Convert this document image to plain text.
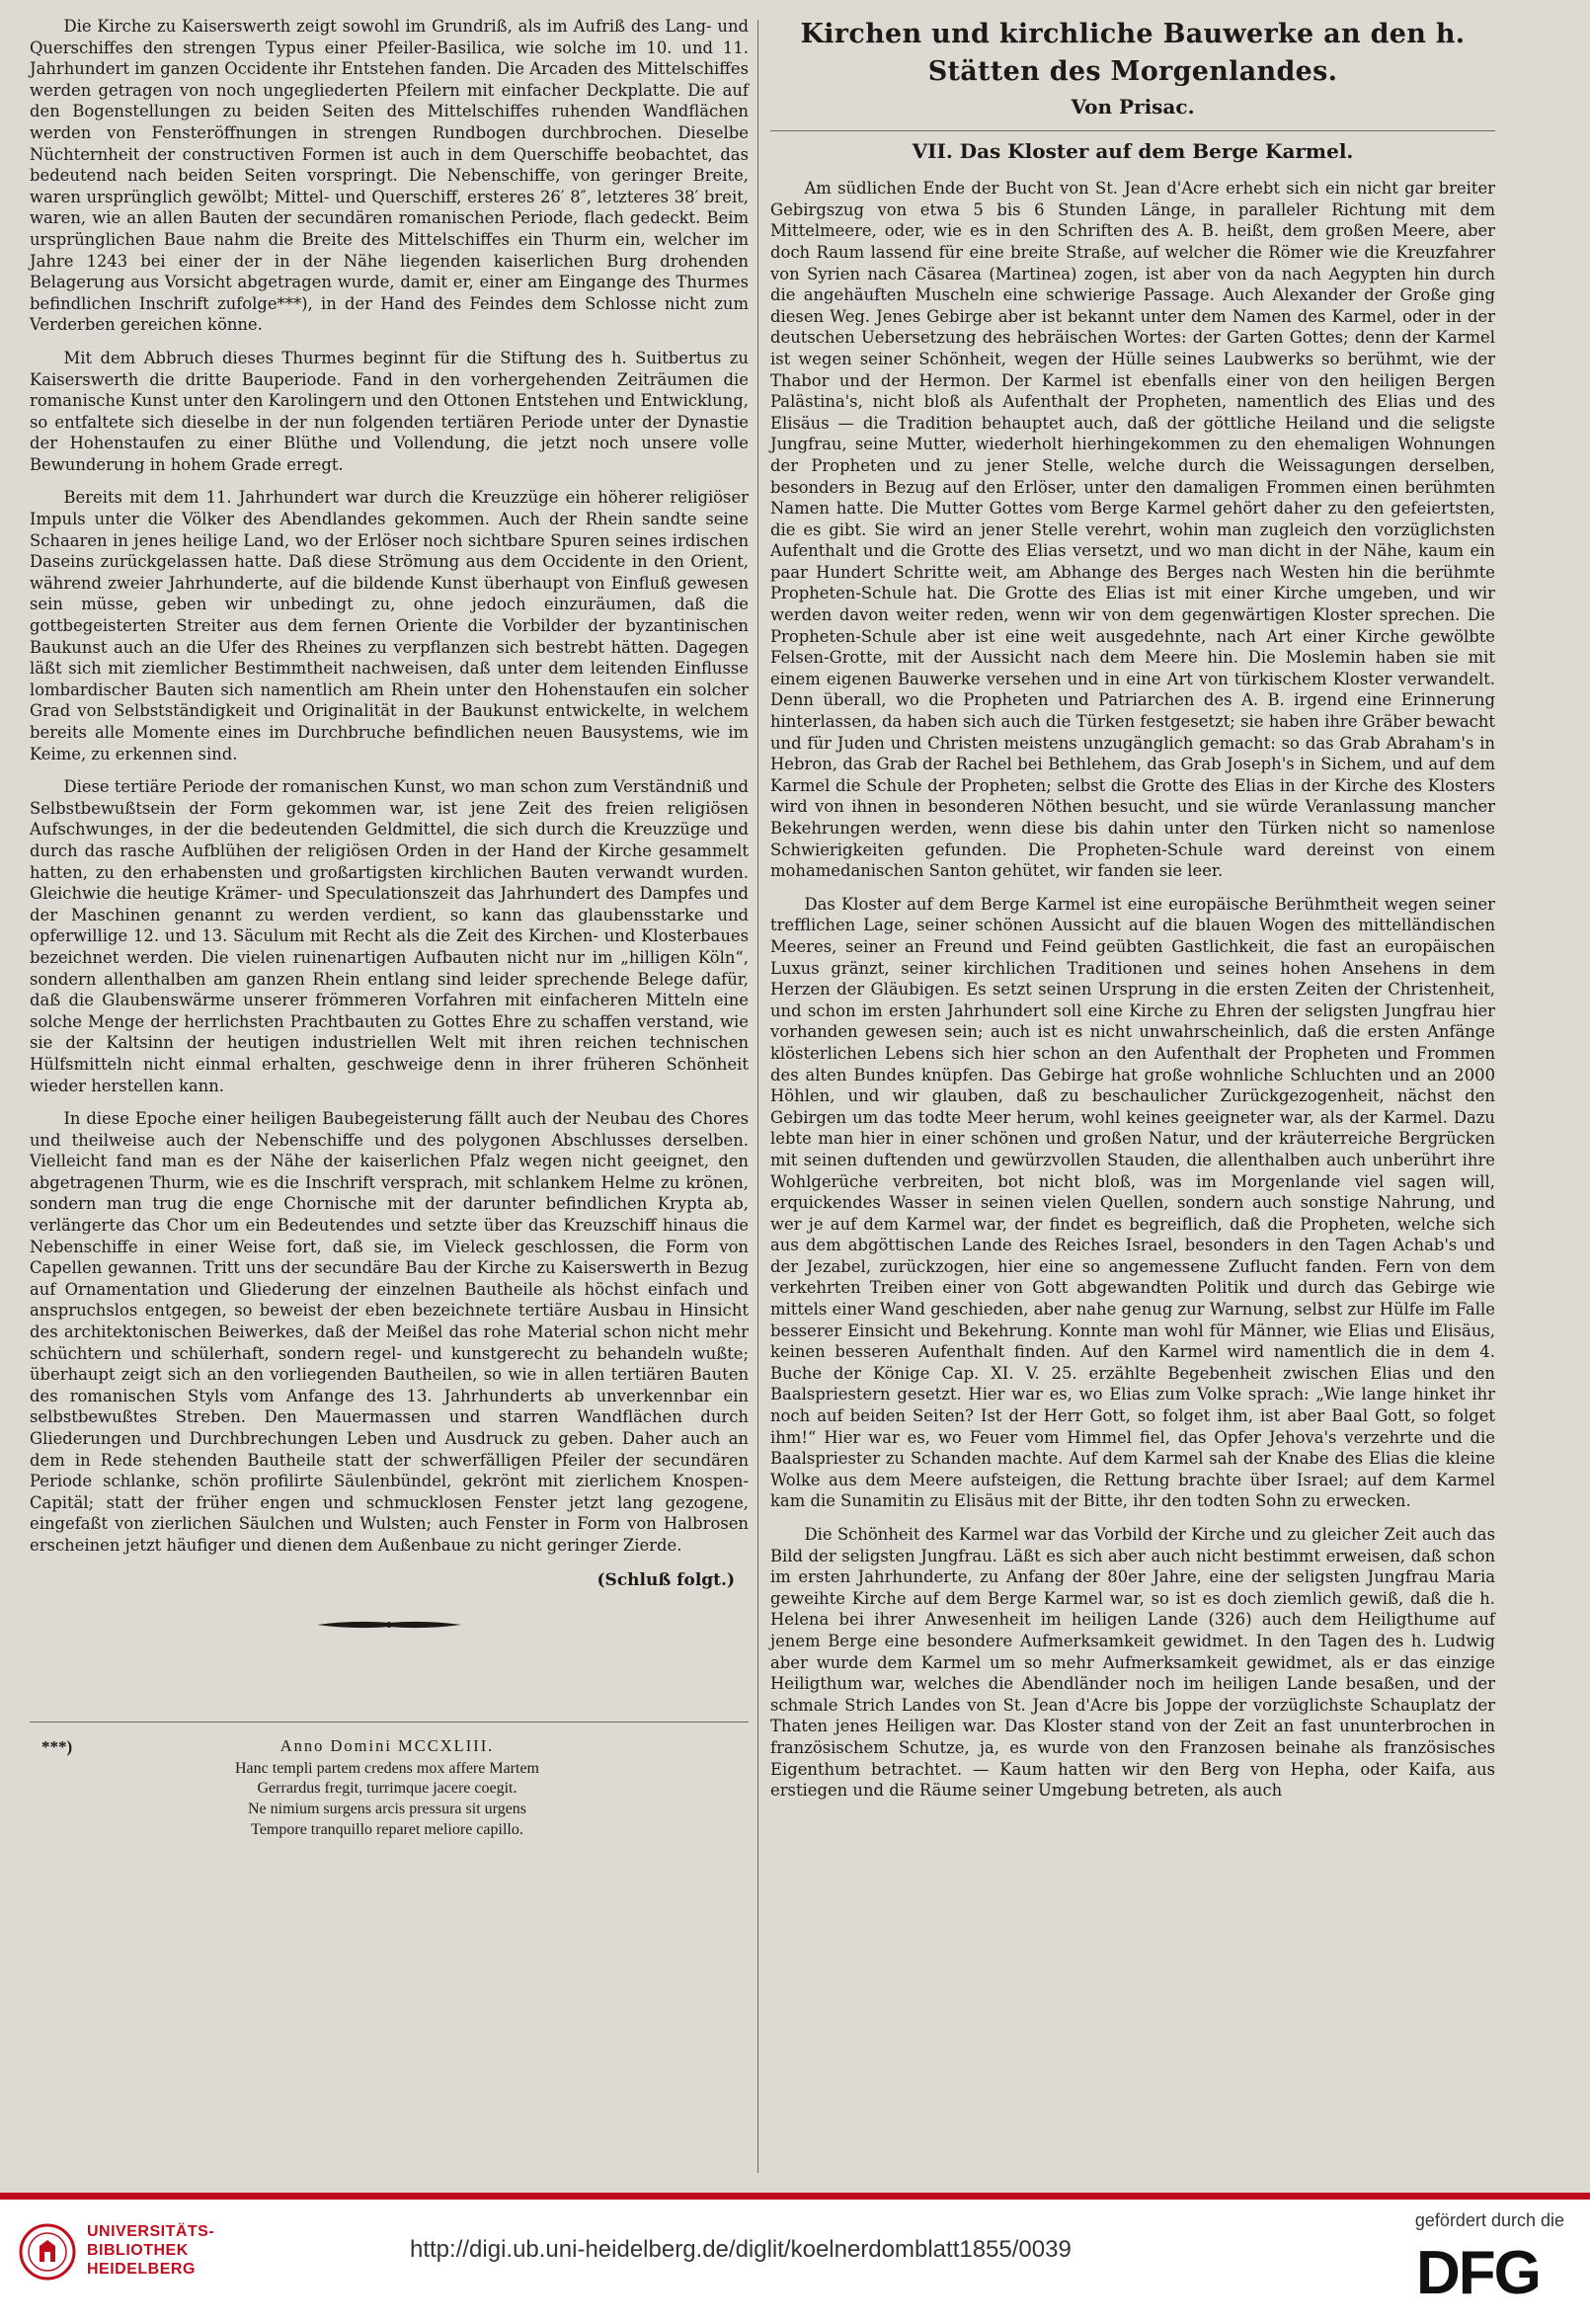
Die Kirche zu Kaiserswerth zeigt sowohl im Grundriß, als im Aufriß des Lang- und Querschiffes den strengen Typus einer Pfeiler-Basilica, wie solche im 10. und 11. Jahrhundert im ganzen Occidente ihr Entstehen fanden. Die Arcaden des Mittelschiffes werden getragen von noch ungegliederten Pfeilern mit einfacher Deckplatte. Die auf den Bogenstellungen zu beiden Seiten des Mittelschiffes ruhenden Wandflächen werden von Fensteröffnungen in strengen Rundbogen durchbrochen. Dieselbe Nüchternheit der constructiven Formen ist auch in dem Querschiffe beobachtet, das bedeutend nach beiden Seiten vorspringt. Die Nebenschiffe, von geringer Breite, waren ursprünglich gewölbt; Mittel- und Querschiff, ersteres 26′ 8″, letzteres 38′ breit, waren, wie an allen Bauten der secundären romanischen Periode, flach gedeckt. Beim ursprünglichen Baue nahm die Breite des Mittelschiffes ein Thurm ein, welcher im Jahre 1243 bei einer der in der Nähe liegenden kaiserlichen Burg drohenden Belagerung aus Vorsicht abgetragen wurde, damit er, einer am Eingange des Thurmes befindlichen Inschrift zufolge***), in der Hand des Feindes dem Schlosse nicht zum Verderben gereichen könne.

Mit dem Abbruch dieses Thurmes beginnt für die Stiftung des h. Suitbertus zu Kaiserswerth die dritte Bauperiode. Fand in den vorhergehenden Zeiträumen die romanische Kunst unter den Karolingern und den Ottonen Entstehen und Entwicklung, so entfaltete sich dieselbe in der nun folgenden tertiären Periode unter der Dynastie der Hohenstaufen zu einer Blüthe und Vollendung, die jetzt noch unsere volle Bewunderung in hohem Grade erregt.

Bereits mit dem 11. Jahrhundert war durch die Kreuzzüge ein höherer religiöser Impuls unter die Völker des Abendlandes gekommen. Auch der Rhein sandte seine Schaaren in jenes heilige Land, wo der Erlöser noch sichtbare Spuren seines irdischen Daseins zurückgelassen hatte. Daß diese Strömung aus dem Occidente in den Orient, während zweier Jahrhunderte, auf die bildende Kunst überhaupt von Einfluß gewesen sein müsse, geben wir unbedingt zu, ohne jedoch einzuräumen, daß die gottbegeisterten Streiter aus dem fernen Oriente die Vorbilder der byzantinischen Baukunst auch an die Ufer des Rheines zu verpflanzen sich bestrebt hätten. Dagegen läßt sich mit ziemlicher Bestimmtheit nachweisen, daß unter dem leitenden Einflusse lombardischer Bauten sich namentlich am Rhein unter den Hohenstaufen ein solcher Grad von Selbstständigkeit und Originalität in der Baukunst entwickelte, in welchem bereits alle Momente eines im Durchbruche befindlichen neuen Bausystems, wie im Keime, zu erkennen sind.

Diese tertiäre Periode der romanischen Kunst, wo man schon zum Verständniß und Selbstbewußtsein der Form gekommen war, ist jene Zeit des freien religiösen Aufschwunges, in der die bedeutenden Geldmittel, die sich durch die Kreuzzüge und durch das rasche Aufblühen der religiösen Orden in der Hand der Kirche gesammelt hatten, zu den erhabensten und großartigsten kirchlichen Bauten verwandt wurden. Gleichwie die heutige Krämer- und Speculationszeit das Jahrhundert des Dampfes und der Maschinen genannt zu werden verdient, so kann das glaubensstarke und opferwillige 12. und 13. Säculum mit Recht als die Zeit des Kirchen- und Klosterbaues bezeichnet werden. Die vielen ruinenartigen Aufbauten nicht nur im „hilligen Köln“, sondern allenthalben am ganzen Rhein entlang sind leider sprechende Belege dafür, daß die Glaubenswärme unserer frömmeren Vorfahren mit einfacheren Mitteln eine solche Menge der herrlichsten Prachtbauten zu Gottes Ehre zu schaffen verstand, wie sie der Kaltsinn der heutigen industriellen Welt mit ihren reichen technischen Hülfsmitteln nicht einmal erhalten, geschweige denn in ihrer früheren Schönheit wieder herstellen kann.

In diese Epoche einer heiligen Baubegeisterung fällt auch der Neubau des Chores und theilweise auch der Nebenschiffe und des polygonen Abschlusses derselben. Vielleicht fand man es der Nähe der kaiserlichen Pfalz wegen nicht geeignet, den abgetragenen Thurm, wie es die Inschrift versprach, mit schlankem Helme zu krönen, sondern man trug die enge Chornische mit der darunter befindlichen Krypta ab, verlängerte das Chor um ein Bedeutendes und setzte über das Kreuzschiff hinaus die Nebenschiffe in einer Weise fort, daß sie, im Vieleck geschlossen, die Form von Capellen gewannen. Tritt uns der secundäre Bau der Kirche zu Kaiserswerth in Bezug auf Ornamentation und Gliederung der einzelnen Bautheile als höchst einfach und anspruchslos entgegen, so beweist der eben bezeichnete tertiäre Ausbau in Hinsicht des architektonischen Beiwerkes, daß der Meißel das rohe Material schon nicht mehr schüchtern und schülerhaft, sondern regel- und kunstgerecht zu behandeln wußte; überhaupt zeigt sich an den vorliegenden Bautheilen, so wie in allen tertiären Bauten des romanischen Styls vom Anfange des 13. Jahrhunderts ab unverkennbar ein selbstbewußtes Streben. Den Mauermassen und starren Wandflächen durch Gliederungen und Durchbrechungen Leben und Ausdruck zu geben. Daher auch an dem in Rede stehenden Bautheile statt der schwerfälligen Pfeiler der secundären Periode schlanke, schön profilirte Säulenbündel, gekrönt mit zierlichem Knospen-Capitäl; statt der früher engen und schmucklosen Fenster jetzt lang gezogene, eingefaßt von zierlichen Säulchen und Wulsten; auch Fenster in Form von Halbrosen erscheinen jetzt häufiger und dienen dem Außenbaue zu nicht geringer Zierde.

(Schluß folgt.)
***)	Anno Domini MCCXLIII.
Hanc templi partem credens mox affere Martem
Gerrardus fregit, turrimque jacere coegit.
Ne nimium surgens arcis pressura sit urgens
Tempore tranquillo reparet meliore capillo.
Kirchen und kirchliche Bauwerke an den h. Stätten des Morgenlandes.
Von Prisac.
VII. Das Kloster auf dem Berge Karmel.

Am südlichen Ende der Bucht von St. Jean d'Acre erhebt sich ein nicht gar breiter Gebirgszug von etwa 5 bis 6 Stunden Länge, in paralleler Richtung mit dem Mittelmeere, oder, wie es in den Schriften des A. B. heißt, dem großen Meere, aber doch Raum lassend für eine breite Straße, auf welcher die Römer wie die Kreuzfahrer von Syrien nach Cäsarea (Martinea) zogen, ist aber von da nach Aegypten hin durch die angehäuften Muscheln eine schwierige Passage. Auch Alexander der Große ging diesen Weg. Jenes Gebirge aber ist bekannt unter dem Namen des Karmel, oder in der deutschen Uebersetzung des hebräischen Wortes: der Garten Gottes; denn der Karmel ist wegen seiner Schönheit, wegen der Hülle seines Laubwerks so berühmt, wie der Thabor und der Hermon. Der Karmel ist ebenfalls einer von den heiligen Bergen Palästina's, nicht bloß als Aufenthalt der Propheten, namentlich des Elias und des Elisäus — die Tradition behauptet auch, daß der göttliche Heiland und die seligste Jungfrau, seine Mutter, wiederholt hierhingekommen zu den ehemaligen Wohnungen der Propheten und zu jener Stelle, welche durch die Weissagungen derselben, besonders in Bezug auf den Erlöser, unter den damaligen Frommen einen berühmten Namen hatte. Die Mutter Gottes vom Berge Karmel gehört daher zu den gefeiertsten, die es gibt. Sie wird an jener Stelle verehrt, wohin man zugleich den vorzüglichsten Aufenthalt und die Grotte des Elias versetzt, und wo man dicht in der Nähe, kaum ein paar Hundert Schritte weit, am Abhange des Berges nach Westen hin die berühmte Propheten-Schule hat. Die Grotte des Elias ist mit einer Kirche umgeben, und wir werden davon weiter reden, wenn wir von dem gegenwärtigen Kloster sprechen. Die Propheten-Schule aber ist eine weit ausgedehnte, nach Art einer Kirche gewölbte Felsen-Grotte, mit der Aussicht nach dem Meere hin. Die Moslemin haben sie mit einem eigenen Bauwerke versehen und in eine Art von türkischem Kloster verwandelt. Denn überall, wo die Propheten und Patriarchen des A. B. irgend eine Erinnerung hinterlassen, da haben sich auch die Türken festgesetzt; sie haben ihre Gräber bewacht und für Juden und Christen meistens unzugänglich gemacht: so das Grab Abraham's in Hebron, das Grab der Rachel bei Bethlehem, das Grab Joseph's in Sichem, und auf dem Karmel die Schule der Propheten; selbst die Grotte des Elias in der Kirche des Klosters wird von ihnen in besonderen Nöthen besucht, und sie würde Veranlassung mancher Bekehrungen werden, wenn diese bis dahin unter den Türken nicht so namenlose Schwierigkeiten gefunden. Die Propheten-Schule ward dereinst von einem mohamedanischen Santon gehütet, wir fanden sie leer.

Das Kloster auf dem Berge Karmel ist eine europäische Berühmtheit wegen seiner trefflichen Lage, seiner schönen Aussicht auf die blauen Wogen des mittelländischen Meeres, seiner an Freund und Feind geübten Gastlichkeit, die fast an europäischen Luxus gränzt, seiner kirchlichen Traditionen und seines hohen Ansehens in dem Herzen der Gläubigen. Es setzt seinen Ursprung in die ersten Zeiten der Christenheit, und schon im ersten Jahrhundert soll eine Kirche zu Ehren der seligsten Jungfrau hier vorhanden gewesen sein; auch ist es nicht unwahrscheinlich, daß die ersten Anfänge klösterlichen Lebens sich hier schon an den Aufenthalt der Propheten und Frommen des alten Bundes knüpfen. Das Gebirge hat große wohnliche Schluchten und an 2000 Höhlen, und wir glauben, daß zu beschaulicher Zurückgezogenheit, nächst den Gebirgen um das todte Meer herum, wohl keines geeigneter war, als der Karmel. Dazu lebte man hier in einer schönen und großen Natur, und der kräuterreiche Bergrücken mit seinen duftenden und gewürzvollen Stauden, die allenthalben auch unberührt ihre Wohlgerüche verbreiten, bot nicht bloß, was im Morgenlande viel sagen will, erquickendes Wasser in seinen vielen Quellen, sondern auch sonstige Nahrung, und wer je auf dem Karmel war, der findet es begreiflich, daß die Propheten, welche sich aus dem abgöttischen Lande des Reiches Israel, besonders in den Tagen Achab's und der Jezabel, zurückzogen, hier eine so angemessene Zuflucht fanden. Fern von dem verkehrten Treiben einer von Gott abgewandten Politik und durch das Gebirge wie mittels einer Wand geschieden, aber nahe genug zur Warnung, selbst zur Hülfe im Falle besserer Einsicht und Bekehrung. Konnte man wohl für Männer, wie Elias und Elisäus, keinen besseren Aufenthalt finden. Auf den Karmel wird namentlich die in dem 4. Buche der Könige Cap. XI. V. 25. erzählte Begebenheit zwischen Elias und den Baalspriestern gesetzt. Hier war es, wo Elias zum Volke sprach: „Wie lange hinket ihr noch auf beiden Seiten? Ist der Herr Gott, so folget ihm, ist aber Baal Gott, so folget ihm!“ Hier war es, wo Feuer vom Himmel fiel, das Opfer Jehova's verzehrte und die Baalspriester zu Schanden machte. Auf dem Karmel sah der Knabe des Elias die kleine Wolke aus dem Meere aufsteigen, die Rettung brachte über Israel; auf dem Karmel kam die Sunamitin zu Elisäus mit der Bitte, ihr den todten Sohn zu erwecken.

Die Schönheit des Karmel war das Vorbild der Kirche und zu gleicher Zeit auch das Bild der seligsten Jungfrau. Läßt es sich aber auch nicht bestimmt erweisen, daß schon im ersten Jahrhunderte, zu Anfang der 80er Jahre, eine der seligsten Jungfrau Maria geweihte Kirche auf dem Berge Karmel war, so ist es doch ziemlich gewiß, daß die h. Helena bei ihrer Anwesenheit im heiligen Lande (326) auch dem Heiligthume auf jenem Berge eine besondere Aufmerksamkeit gewidmet. In den Tagen des h. Ludwig aber wurde dem Karmel um so mehr Aufmerksamkeit gewidmet, als er das einzige Heiligthum war, welches die Abendländer noch im heiligen Lande besaßen, und der schmale Strich Landes von St. Jean d'Acre bis Joppe der vorzüglichste Schauplatz der Thaten jenes Heiligen war. Das Kloster stand von der Zeit an fast ununterbrochen in französischem Schutze, ja, es wurde von den Franzosen beinahe als französisches Eigenthum betrachtet. — Kaum hatten wir den Berg von Hepha, oder Kaifa, aus erstiegen und die Räume seiner Umgebung betreten, als auch

UNIVERSITÄTS-
BIBLIOTHEK
HEIDELBERG
http://digi.ub.uni-heidelberg.de/diglit/koelnerdomblatt1855/0039
gefördert durch die
DFG
